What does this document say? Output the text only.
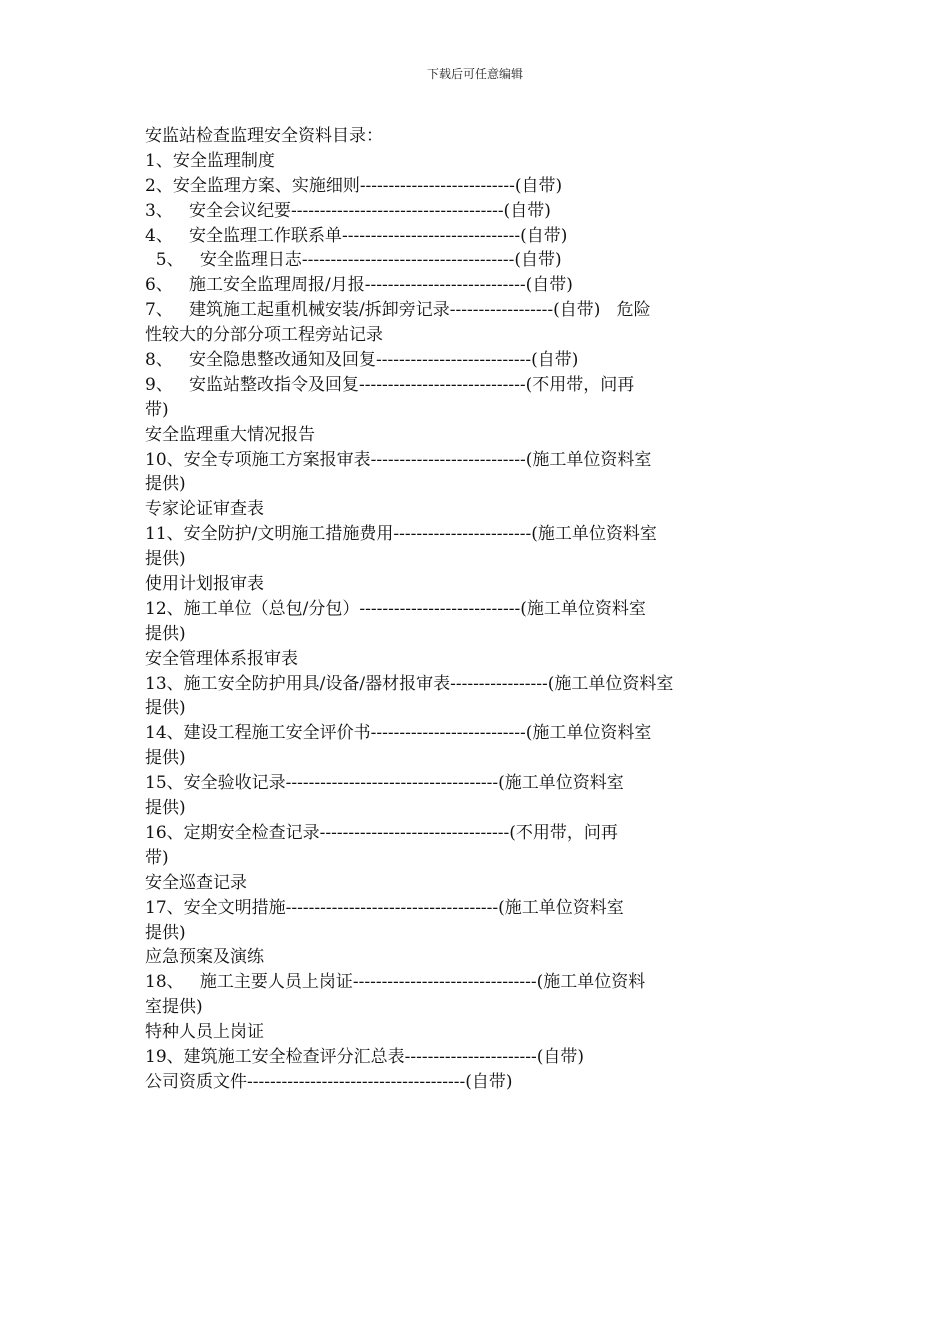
下载后可任意编辑
安监站检查监理安全资料目录：
1、安全监理制度
2、安全监理方案、实施细则---------------------------(自带)
3、   安全会议纪要-------------------------------------(自带)
4、   安全监理工作联系单-------------------------------(自带)
5、   安全监理日志-------------------------------------(自带)
6、   施工安全监理周报/月报----------------------------(自带)
7、   建筑施工起重机械安装/拆卸旁记录------------------(自带)   危险
性较大的分部分项工程旁站记录
8、   安全隐患整改通知及回复---------------------------(自带)
9、   安监站整改指令及回复-----------------------------(不用带，问再
带)
安全监理重大情况报告
10、安全专项施工方案报审表---------------------------(施工单位资料室
提供)
专家论证审查表
11、安全防护/文明施工措施费用------------------------(施工单位资料室
提供)
使用计划报审表
12、施工单位（总包/分包）----------------------------(施工单位资料室
提供)
安全管理体系报审表
13、施工安全防护用具/设备/器材报审表-----------------(施工单位资料室
提供)
14、建设工程施工安全评价书---------------------------(施工单位资料室
提供)
15、安全验收记录-------------------------------------(施工单位资料室
提供)
16、定期安全检查记录---------------------------------(不用带，问再
带)
安全巡查记录
17、安全文明措施-------------------------------------(施工单位资料室
提供)
应急预案及演练
18、   施工主要人员上岗证--------------------------------(施工单位资料
室提供)
特种人员上岗证
19、建筑施工安全检查评分汇总表-----------------------(自带)
公司资质文件--------------------------------------(自带)
